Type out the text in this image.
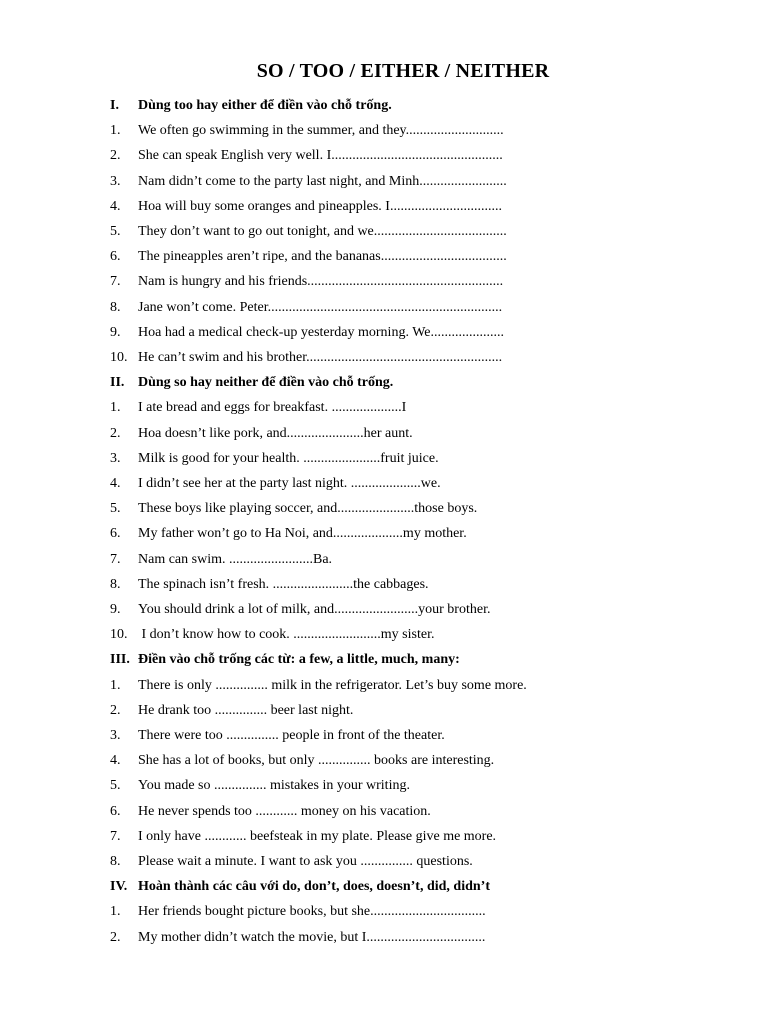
SO / TOO / EITHER / NEITHER
I. Dùng too hay either để điền vào chỗ trống.
1. We often go swimming in the summer, and they............................
2. She can speak English very well. I.................................................
3. Nam didn’t come to the party last night, and Minh.........................
4. Hoa will buy some oranges and pineapples. I................................
5. They don’t want to go out tonight, and we......................................
6. The pineapples aren’t ripe, and the bananas....................................
7. Nam is hungry and his friends........................................................
8. Jane won’t come. Peter...................................................................
9. Hoa had a medical check-up yesterday morning. We.....................
10. He can’t swim and his brother........................................................
II. Dùng so hay neither để điền vào chỗ trống.
1. I ate bread and eggs for breakfast. ....................I
2. Hoa doesn’t like pork, and......................her aunt.
3. Milk is good for your health. ......................fruit juice.
4. I didn’t see her at the party last night. ....................we.
5. These boys like playing soccer, and......................those boys.
6. My father won’t go to Ha Noi, and....................my mother.
7. Nam can swim. ........................Ba.
8. The spinach isn’t fresh. .......................the cabbages.
9. You should drink a lot of milk, and........................your brother.
10. I don’t know how to cook. .........................my sister.
III. Điền vào chỗ trống các từ: a few, a little, much, many:
1. There is only ............... milk in the refrigerator. Let’s buy some more.
2. He drank too ............... beer last night.
3. There were too ............... people in front of the theater.
4. She has a lot of books, but only ............... books are interesting.
5. You made so ............... mistakes in your writing.
6. He never spends too ............ money on his vacation.
7. I only have ............ beefsteak in my plate. Please give me more.
8. Please wait a minute. I want to ask you ............... questions.
IV. Hoàn thành các câu với do, don’t, does, doesn’t, did, didn’t
1. Her friends bought picture books, but she.................................
2. My mother didn’t watch the movie, but I..................................
